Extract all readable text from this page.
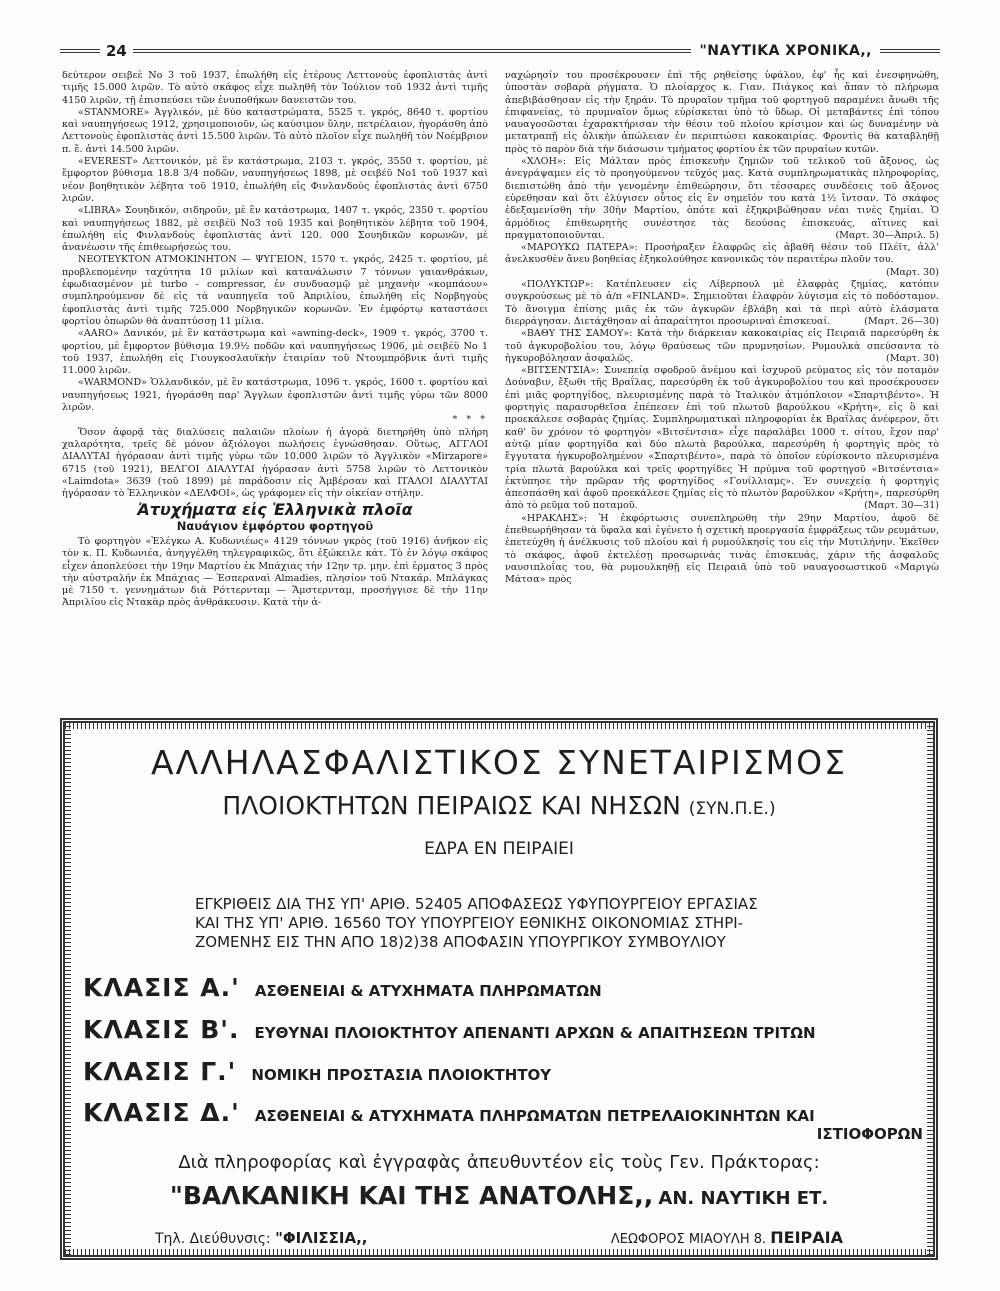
24	"ΝΑΥΤΙΚΑ ΧΡΟΝΙΚΑ,,

δεύτερον σειβεὲ Νο 3 τοῦ 1937, ἐπωλήθη εἰς ἑτέρους Λεττονοὺς ἐφοπλιστὰς ἀντὶ τιμῆς 15.000 λιρῶν. Τὸ αὐτὸ σκάφος εἶχε πωληθῆ τὸν Ἰούλιον τοῦ 1932 ἀντὶ τιμῆς 4150 λιρῶν, τῇ ἐπισπεύσει τῶν ἐνυποθήκων δανειστῶν του.

«STANMORE» Ἀγγλικόν, μὲ δύο καταστρώματα, 5525 τ. γκρός, 8640 τ. φορτίου καὶ ναυπηγήσεως 1912, χρησιμοποιοῦν, ὡς καύσιμον ὕλην, πετρέλαιον, ἠγοράσθη ἀπὸ Λεττονοὺς ἐφοπλιστὰς ἀντὶ 15.500 λιρῶν. Τὸ αὐτὸ πλοῖον εἶχε πωληθῆ τὸν Νοέμβριον π. ἔ. ἀντὶ 14.500 λιρῶν.

«EVEREST» Λεττονικόν, μὲ ἓν κατάστρωμα, 2103 τ. γκρός, 3550 τ. φορτίου, μὲ ἔμφορτον βύθισμα 18.8 3/4 ποδῶν, ναυπηγήσεως 1898, μὲ σειβέϋ Νο1 τοῦ 1937 καὶ νέον βοηθητικὸν λέβητα τοῦ 1910, ἐπωλήθη εἰς Φινλανδοὺς ἐφοπλιστὰς ἀντὶ 6750 λιρῶν.

«LIBRA» Σουηδικόν, σιδηροῦν, μὲ ἓν κατάστρωμα, 1407 τ. γκρός, 2350 τ. φορτίου καὶ ναυπηγήσεως 1882, μὲ σειβέϋ Νο3 τοῦ 1935 καὶ βοηθητικὸν λέβητα τοῦ 1904, ἐπωλήθη εἰς Φινλανδοὺς ἐφοπλιστὰς ἀντὶ 120. 000 Σουηδικῶν κορωνῶν, μὲ ἀνανέωσιν τῆς ἐπιθεωρήσεώς του.

ΝΕΟΤΕΥΚΤΟΝ ΑΤΜΟΚΙΝΗΤΟΝ — ΨΥΓΕΙΟΝ, 1570 τ. γκρός, 2425 τ. φορτίου, μὲ προβλεπομένην ταχύτητα 10 μιλίων καὶ κατανάλωσιν 7 τόννων γαιανθράκων, ἐφωδιασμένον μὲ turbo - compressor, ἐν συνδυασμῷ μὲ μηχανὴν «κομπάουν» συμπληρούμενον δὲ εἰς τὰ ναυπηγεῖα τοῦ Ἀπριλίου, ἐπωλήθη εἰς Νορβηγοὺς ἐφοπλιστὰς ἀντὶ τιμῆς 725.000 Νορβηγικῶν κορωνῶν. Ἐν ἐμφόρτῳ καταστάσει φορτίου ὀπωρῶν θὰ ἀναπτύσσῃ 11 μίλια.

«AARO» Δανικόν, μὲ ἓν κατάστρωμα καὶ «awning-deck», 1909 τ. γκρός, 3700 τ. φορτίου, μὲ ἔμφορτον βύθισμα 19.9½ ποδῶν καὶ ναυπηγήσεως 1906, μὲ σειβέϋ Νο 1 τοῦ 1937, ἐπωλήθη εἰς Γιουγκοσλαυϊκὴν ἑταιρίαν τοῦ Ντουμπρόβνικ ἀντὶ τιμῆς 11.000 λιρῶν.

«WARMOND» Ὁλλανδικόν, μὲ ἓν κατάστρωμα, 1096 τ. γκρός, 1600 τ. φορτίου καὶ ναυπηγήσεως 1921, ἠγοράσθη παρ' Ἄγγλων ἐφοπλιστῶν ἀντὶ τιμῆς γύρω τῶν 8000 λιρῶν.

* * *

Ὅσον ἀφορᾷ τὰς διαλύσεις παλαιῶν πλοίων ἡ ἀγορὰ διετηρήθη ὑπὸ πλήρη χαλαρότητα, τρεῖς δὲ μόνον ἀξιόλογοι πωλήσεις ἐγνώσθησαν. Οὕτως, ΑΓΓΛΟΙ ΔΙΑΛΥΤΑΙ ἠγόρασαν ἀντὶ τιμῆς γύρω τῶν 10.000 λιρῶν τὸ Ἀγγλικὸν «Mirzapore» 6715 (τοῦ 1921), ΒΕΛΓΟΙ ΔΙΑΛΥΤΑΙ ἠγόρασαν ἀντὶ 5758 λιρῶν τὸ Λεττονικὸν «Laimdota» 3639 (τοῦ 1899) μὲ παράδοσιν εἰς Ἀμβέρσαν καὶ ΙΤΑΛΟΙ ΔΙΑΛΥΤΑΙ ἠγόρασαν τὸ Ἑλληνικὸν «ΔΕΛΦΟΙ», ὡς γράφομεν εἰς τὴν οἰκείαν στήλην.

Ἀτυχήματα εἰς Ἑλληνικὰ πλοῖα
Ναυάγιον ἐμφόρτου φορτηγοῦ

Τὸ φορτηγὸν «Ἐλέγκω Α. Κυδωνιέως» 4129 τόννων γκρὸς (τοῦ 1916) ἀνῆκον εἰς τὸν κ. Π. Κυδωνιέα, ἀνηγγέλθη τηλεγραφικῶς, ὅτι ἐξώκειλε κάτ. Τὸ ἐν λόγῳ σκάφος εἶχεν ἀποπλεύσει τὴν 19ην Μαρτίου ἐκ Μπάχιας τὴν 12ην τρ. μην. ἐπὶ ἐρματος 3 πρὸς τὴν αὐστραλήν ἐκ Μπάχιας — Ἐσπεραναὶ Almadies, πλησίον τοῦ Ντακάρ. Μπλάγκας μὲ 7150 τ. γεννημάτων διὰ Ρόττερνταμ — Ἄμστερνταμ, προσήγγισε δὲ τὴν 11ην Ἀπριλίου εἰς Ντακὰρ πρὸς ἀνθράκευσιν. Κατὰ τὴν ἀ-

ναχώρησίν του προσέκρουσεν ἐπὶ τῆς ρηθείσης ὑφάλου, ἐφ' ἧς καὶ ἐνεσφηνώθη, ὑποστὰν σοβαρὰ ρήγματα. Ὁ πλοίαρχος κ. Γιαν. Πιάγκος καὶ ἅπαν τὸ πλήρωμα ἀπεβιβάσθησαν εἰς τὴν ξηράν. Τὸ πρυραῖον τμῆμα τοῦ φορτηγοῦ παραμένει ἄνωθι τῆς ἐπιφανείας, τὸ πρυμναῖον ὅμως εὑρίσκεται ὑπὸ τὸ ὕδωρ. Οἱ μεταβάντες ἐπὶ τόπου ναυαγοσῶσται ἐχαρακτήρισαν τὴν θέσιν τοῦ πλοίου κρίσιμον καὶ ὡς δυναμένην νὰ μετατραπῇ εἰς ὁλικὴν ἀπώλειαν ἐν περιπτώσει κακοκαιρίας. Φροντὶς θὰ καταβληθῇ πρὸς τὸ παρὸν διὰ τὴν διάσωσιν τμήματος φορτίου ἐκ τῶν πρυραίων κυτῶν.

«ΧΛΟΗ»: Εἰς Μάλταν πρὸς ἐπισκευὴν ζημιῶν τοῦ τελικοῦ τοῦ ἄξονος, ὡς ἀνεγράψαμεν εἰς τὸ προηγούμενον τεῦχός μας. Κατὰ συμπληρωματικὰς πληροφορίας, διεπιστώθη ἀπὸ τὴν γενομένην ἐπιθεώρησιν, ὅτι τέσσαρες συνδέσεις τοῦ ἄξονος εὑρεθησαν καὶ ὅτι ἐλύγισεν οὗτος εἰς ἓν σημεῖόν του κατὰ 1½ ἴντσαν. Τὸ σκάφος ἐδεξαμενίσθη τὴν 30ὴν Μαρτίου, ὁπότε καὶ ἐξηκριβώθησαν νέαι τινὲς ζημίαι. Ὁ ἁρμόδιος ἐπιθεωρητὴς συνέστησε τὰς δεούσας ἐπισκευάς, αἵτινες καὶ πραγματοποιοῦνται.	(Μαρτ. 30—Ἀπριλ. 5)

«ΜΑΡΟΥΚΩ ΠΑΤΕΡΑ»: Προσήραξεν ἐλαφρῶς εἰς ἀβαθῆ θέσιν τοῦ Πλέϊτ, ἀλλ' ἀνελκυσθὲν ἄνευ βοηθείας ἐξηκολούθησε κανονικῶς τὸν περαιτέρω πλοῦν του.
(Μαρτ. 30)

«ΠΟΛΥΚΤΩΡ»: Κατέπλευσεν εἰς Λίβερπουλ μὲ ἐλαφρὰς ζημίας, κατόπιν συγκρούσεως μὲ τὸ ἀ/π «FINLAND». Σημειοῦται ἐλαφρὸν λύγισμα εἰς τὸ ποδόσταμον. Τὸ ἄνοιγμα ἐπίσης μιᾶς ἐκ τῶν ἀγκυρῶν ἐβλάβη καὶ τὰ περὶ αὐτὸ ἐλάσματα διερράγησαν. Διετάχθησαν αἱ ἀπαραίτητοι προσωριναὶ ἐπισκευαί.	(Μαρτ. 26—30)

«ΒΑΘΥ ΤΗΣ ΣΑΜΟΥ»: Κατὰ τὴν διάρκειαν κακοκαιρίας εἰς Πειραιᾶ παρεσύρθη ἐκ τοῦ ἀγκυροβολίου του, λόγῳ θραύσεως τῶν πρυμνησίων. Ρυμουλκὰ σπεύσαντα τὸ ἠγκυροβόλησαν ἀσφαλῶς.	(Μαρτ. 30)

«ΒΙΤΣΕΝΤΣΙΑ»: Συνεπείᾳ σφοδροῦ ἀνέμου καὶ ἰσχυροῦ ρεύματος εἰς τὸν ποταμὸν Δούναβιν, ἔξωθι τῆς Βραΐλας, παρεσύρθη ἐκ τοῦ ἀγκυροβολίου του καὶ προσέκρουσεν ἐπὶ μιᾶς φορτηγίδος, πλευρισμένης παρὰ τὸ Ἰταλικὸν ἀτμόπλοιον «Σπαρτιβέντο». Ἡ φορτηγὶς παρασυρθεῖσα ἐπέπεσεν ἐπὶ τοῦ πλωτοῦ βαρούλκου «Κρήτη», εἰς ὃ καὶ προεκάλεσε σοβαρὰς ζημίας. Συμπληρωματικαὶ πληροφορίαι ἐκ Βραΐλας ἀνέφερον, ὅτι καθ' ὃν χρόνον τὸ φορτηγὸν «Βιτσέντσια» εἶχε παραλάβει 1000 τ. σίτου, ἔχον παρ' αὐτῷ μίαν φορτηγίδα καὶ δύο πλωτὰ βαρούλκα, παρεσύρθη ἡ φορτηγὶς πρὸς τὸ ἔγγυτατα ἠγκυροβολημένον «Σπαρτιβέντο», παρὰ τὸ ὁποῖον εὑρίσκοντο πλευρισμένα τρία πλωτὰ βαρούλκα καὶ τρεῖς φορτηγίδες Ἡ πρύμνα τοῦ φορτηγοῦ «Βιτσέντσια» ἐκτύπησε τὴν πρῶραν τῆς φορτηγίδος «Γουίλλιαμς». Ἐν συνεχείᾳ ἡ φορτηγὶς ἀπεσπάσθη καὶ ἀφοῦ προεκάλεσε ζημίας εἰς τὸ πλωτὸν βαροῦλκον «Κρήτη», παρεσύρθη ἀπὸ τὸ ρεῦμα τοῦ ποταμοῦ.	(Μαρτ. 30—31)

«ΗΡΑΚΛΗΣ»: Ἡ ἐκφόρτωσις συνεπληρώθη τὴν 29ην Μαρτίου, ἀφοῦ δὲ ἐπεθεωρήθησαν τὰ ὕφαλα καὶ ἐγένετο ἡ σχετικὴ προεργασία ἐμφράξεως τῶν ρευμάτων, ἐπετεύχθη ἡ ἀνέλκυσις τοῦ πλοίου καὶ ἡ ρυμούλκησίς του εἰς τὴν Μυτιλήνην. Ἐκεῖθεν τὸ σκάφος, ἀφοῦ ἐκτελέσῃ προσωρινὰς τινὰς ἐπισκευάς, χάριν τῆς ἀσφαλοῦς ναυσιπλοΐας του, θὰ ρυμουλκηθῇ εἰς Πειραιᾶ ὑπὸ τοῦ ναυαγοσωστικοῦ «Μαριγὼ Μάτσα» πρὸς

ΑΛΛΗΛΑΣΦΑΛΙΣΤΙΚΟΣ ΣΥΝΕΤΑΙΡΙΣΜΟΣ
ΠΛΟΙΟΚΤΗΤΩΝ ΠΕΙΡΑΙΩΣ ΚΑΙ ΝΗΣΩΝ (ΣΥΝ.Π.Ε.)
ΕΔΡΑ ΕΝ ΠΕΙΡΑΙΕΙ
ΕΓΚΡΙΘΕΙΣ ΔΙΑ ΤΗΣ ΥΠ' ΑΡΙΘ. 52405 ΑΠΟΦΑΣΕΩΣ ΥΦΥΠΟΥΡΓΕΙΟΥ ΕΡΓΑΣΙΑΣ
ΚΑΙ ΤΗΣ ΥΠ' ΑΡΙΘ. 16560 ΤΟΥ ΥΠΟΥΡΓΕΙΟΥ ΕΘΝΙΚΗΣ ΟΙΚΟΝΟΜΙΑΣ ΣΤΗΡΙ-
ΖΟΜΕΝΗΣ ΕΙΣ ΤΗΝ ΑΠΟ 18)2)38 ΑΠΟΦΑΣΙΝ ΥΠΟΥΡΓΙΚΟΥ ΣΥΜΒΟΥΛΙΟΥ
ΚΛΑΣΙΣ Α.' ΑΣΘΕΝΕΙΑΙ & ΑΤΥΧΗΜΑΤΑ ΠΛΗΡΩΜΑΤΩΝ
ΚΛΑΣΙΣ Β'. ΕΥΘΥΝΑΙ ΠΛΟΙΟΚΤΗΤΟΥ ΑΠΕΝΑΝΤΙ ΑΡΧΩΝ & ΑΠΑΙΤΗΣΕΩΝ ΤΡΙΤΩΝ
ΚΛΑΣΙΣ Γ.' ΝΟΜΙΚΗ ΠΡΟΣΤΑΣΙΑ ΠΛΟΙΟΚΤΗΤΟΥ
ΚΛΑΣΙΣ Δ.' ΑΣΘΕΝΕΙΑΙ & ΑΤΥΧΗΜΑΤΑ ΠΛΗΡΩΜΑΤΩΝ ΠΕΤΡΕΛΑΙΟΚΙΝΗΤΩΝ ΚΑΙ
ΙΣΤΙΟΦΟΡΩΝ
Διὰ πληροφορίας καὶ ἐγγραφὰς ἀπευθυντέον εἰς τοὺς Γεν. Πράκτορας:
"ΒΑΛΚΑΝΙΚΗ ΚΑΙ ΤΗΣ ΑΝΑΤΟΛΗΣ,, ΑΝ. ΝΑΥΤΙΚΗ ΕΤ.
Τηλ. Διεύθυνσις: "ΦΙΛΙΣΣΙΑ,,	ΛΕΩΦΟΡΟΣ ΜΙΑΟΥΛΗ 8. ΠΕΙΡΑΙΑ
